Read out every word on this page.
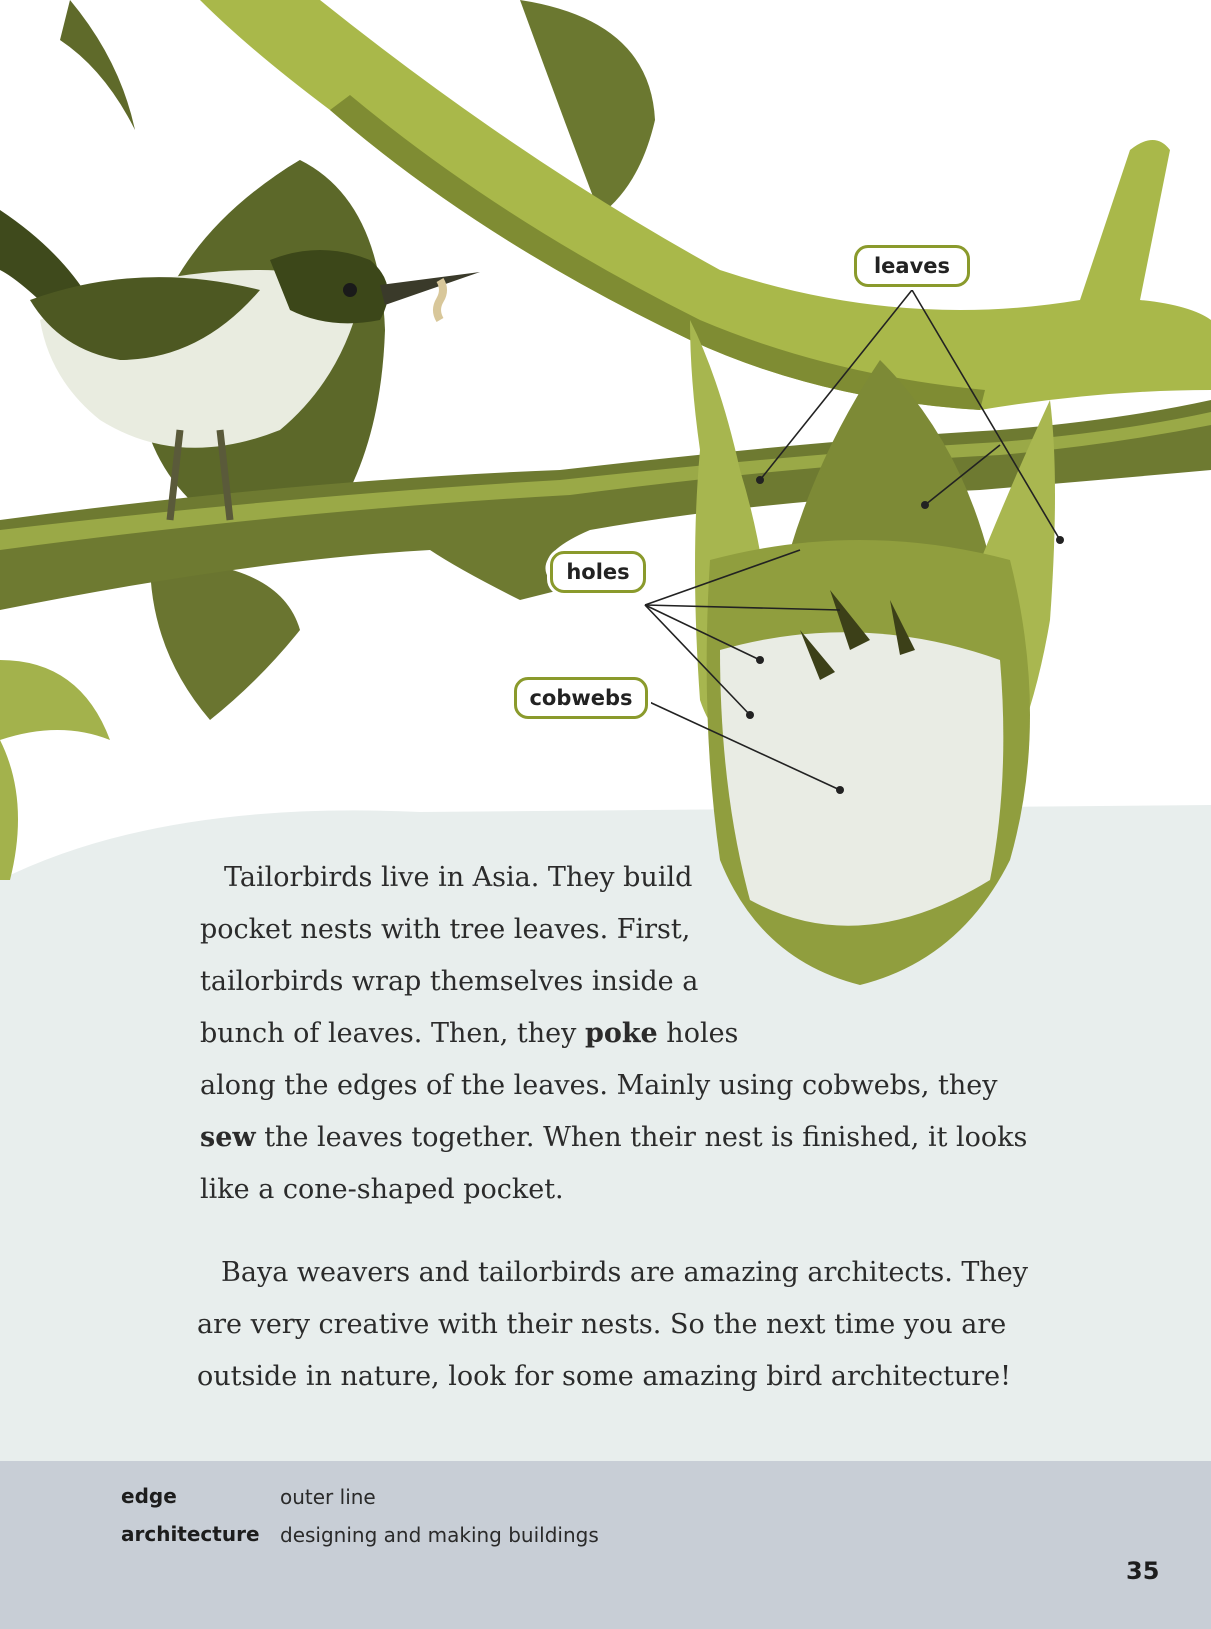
leaves
holes
cobwebs
Tailorbirds live in Asia. They build
pocket nests with tree leaves. First,
tailorbirds wrap themselves inside a
bunch of leaves. Then, they poke holes
along the edges of the leaves. Mainly using cobwebs, they
sew the leaves together. When their nest is finished, it looks
like a cone-shaped pocket.
Baya weavers and tailorbirds are amazing architects. They
are very creative with their nests. So the next time you are
outside in nature, look for some amazing bird architecture!
edge	outer line
architecture designing and making buildings
35
